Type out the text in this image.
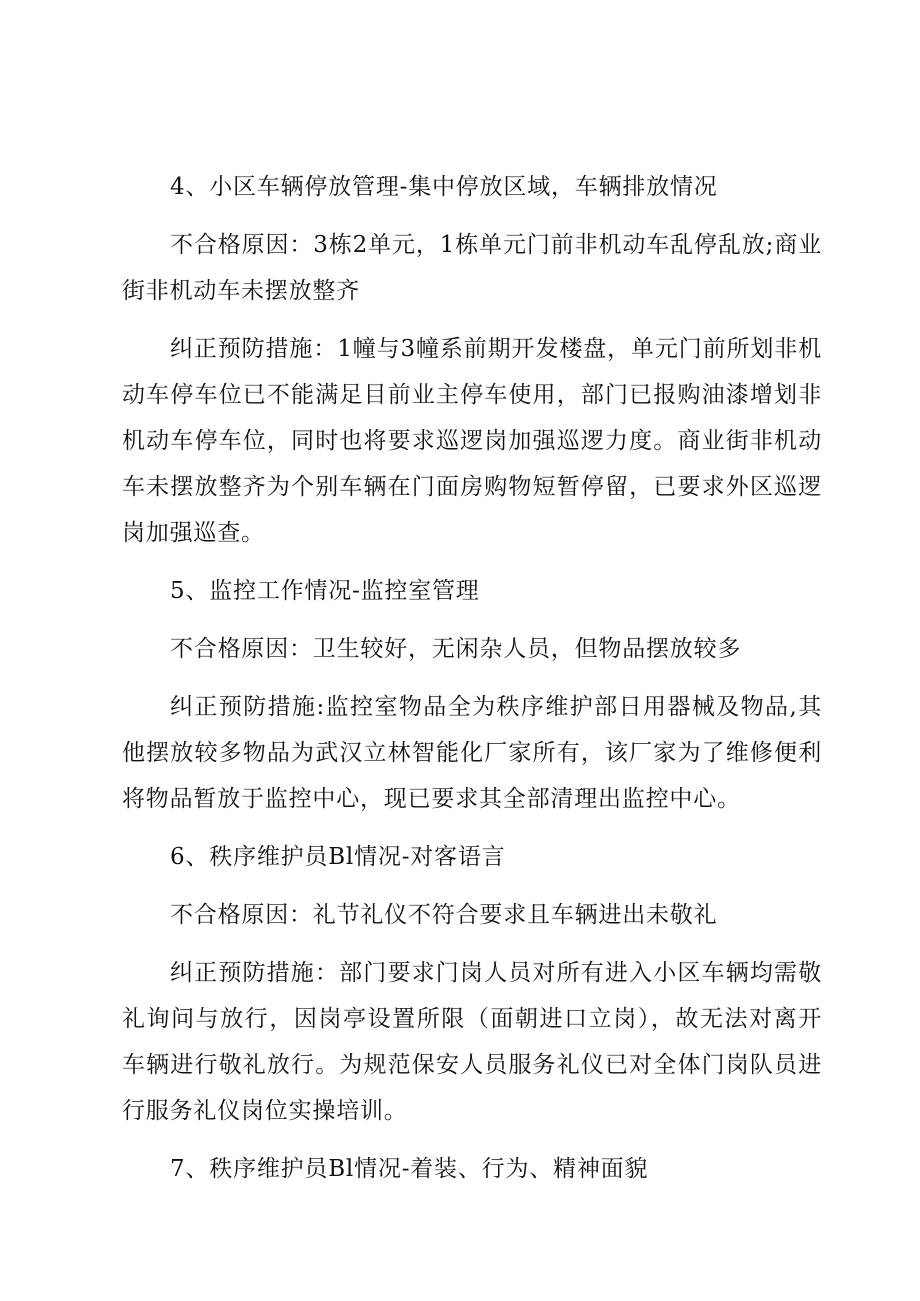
4、小区车辆停放管理-集中停放区域，车辆排放情况

不合格原因：3栋2单元，1栋单元门前非机动车乱停乱放;商业街非机动车未摆放整齐

纠正预防措施：1幢与3幢系前期开发楼盘，单元门前所划非机动车停车位已不能满足目前业主停车使用，部门已报购油漆增划非机动车停车位，同时也将要求巡逻岗加强巡逻力度。商业街非机动车未摆放整齐为个别车辆在门面房购物短暂停留，已要求外区巡逻岗加强巡查。

5、监控工作情况-监控室管理

不合格原因：卫生较好，无闲杂人员，但物品摆放较多

纠正预防措施:监控室物品全为秩序维护部日用器械及物品,其他摆放较多物品为武汉立林智能化厂家所有，该厂家为了维修便利将物品暂放于监控中心，现已要求其全部清理出监控中心。

6、秩序维护员Bl情况-对客语言

不合格原因：礼节礼仪不符合要求且车辆进出未敬礼

纠正预防措施：部门要求门岗人员对所有进入小区车辆均需敬礼询问与放行，因岗亭设置所限（面朝进口立岗），故无法对离开车辆进行敬礼放行。为规范保安人员服务礼仪已对全体门岗队员进行服务礼仪岗位实操培训。

7、秩序维护员Bl情况-着装、行为、精神面貌
